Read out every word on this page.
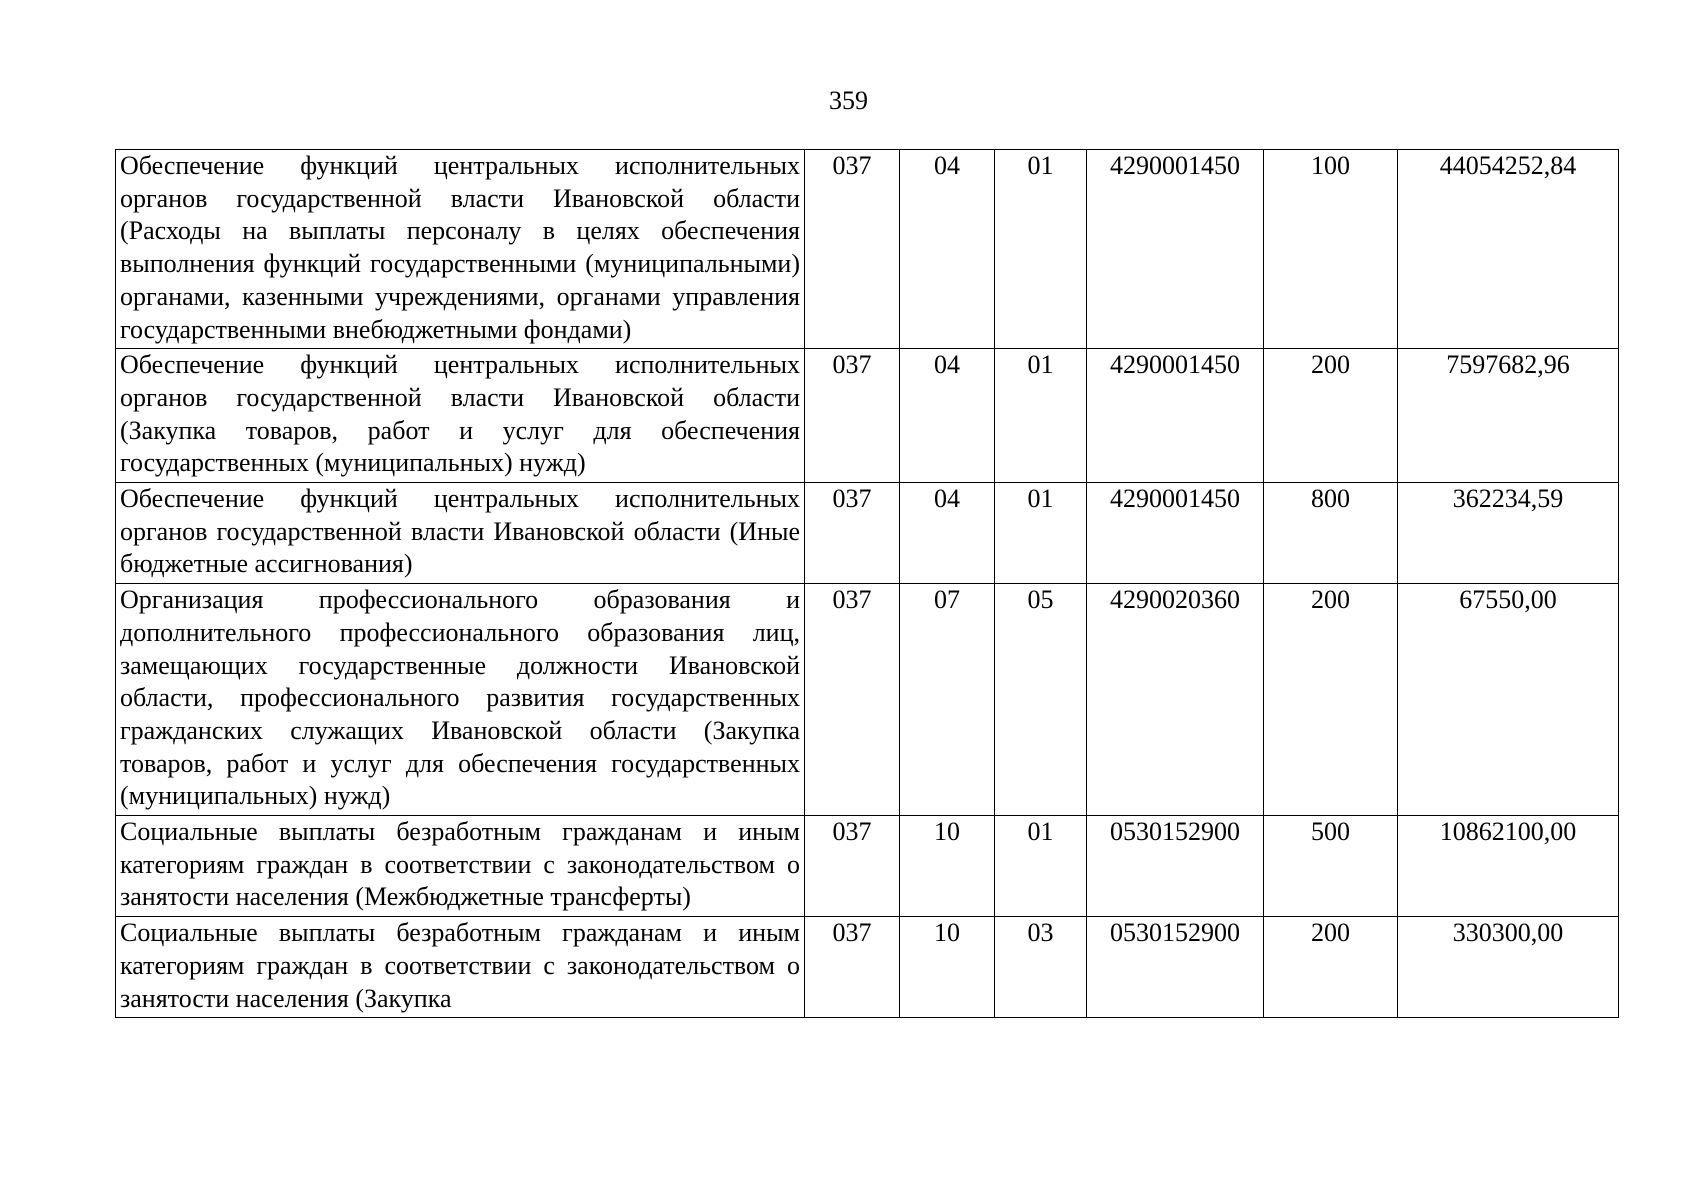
359
Обеспечение функций центральных исполнительных органов государственной власти Ивановской области (Расходы на выплаты персоналу в целях обеспечения выполнения функций государственными (муниципальными) органами, казенными учреждениями, органами управления государственными внебюджетными фондами)	037	04	01	4290001450	100	44054252,84
Обеспечение функций центральных исполнительных органов государственной власти Ивановской области (Закупка товаров, работ и услуг для обеспечения государственных (муниципальных) нужд)	037	04	01	4290001450	200	7597682,96
Обеспечение функций центральных исполнительных органов государственной власти Ивановской области (Иные бюджетные ассигнования)	037	04	01	4290001450	800	362234,59
Организация профессионального образования и дополнительного профессионального образования лиц, замещающих государственные должности Ивановской области, профессионального развития государственных гражданских служащих Ивановской области (Закупка товаров, работ и услуг для обеспечения государственных (муниципальных) нужд)	037	07	05	4290020360	200	67550,00
Социальные выплаты безработным гражданам и иным категориям граждан в соответствии с законодательством о занятости населения (Межбюджетные трансферты)	037	10	01	0530152900	500	10862100,00
Социальные выплаты безработным гражданам и иным категориям граждан в соответствии с законодательством о занятости населения (Закупка	037	10	03	0530152900	200	330300,00
